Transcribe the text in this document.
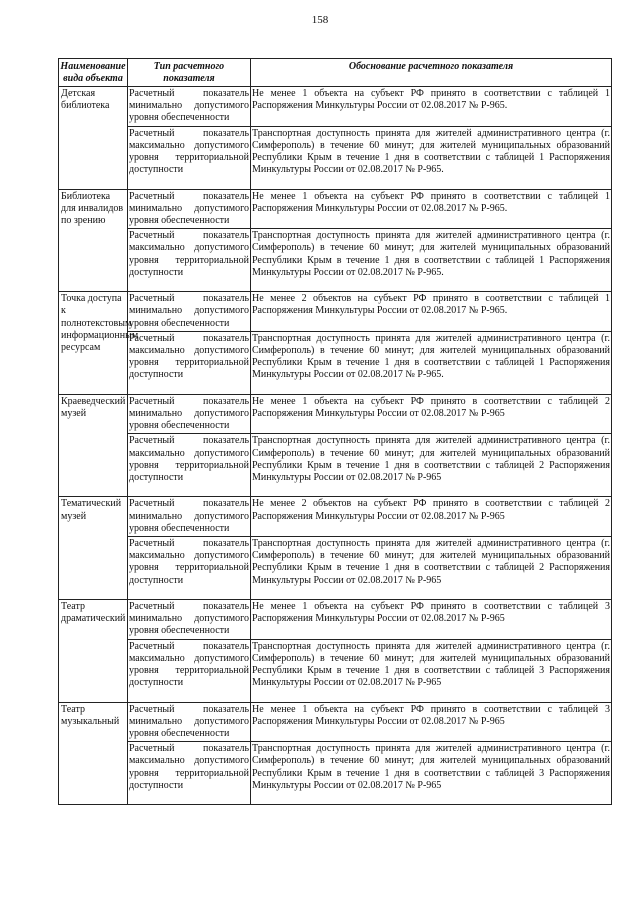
158
Наименование вида объекта	Тип расчетного показателя	Обоснование расчетного показателя
Детская библиотека	Расчетный показатель минимально допустимого уровня обеспеченности	Не менее 1 объекта на субъект РФ принято в соответствии с таблицей 1 Распоряжения Минкультуры России от 02.08.2017 № Р-965.
	Расчетный показатель максимально допустимого уровня территориальной доступности	Транспортная доступность принята для жителей административного центра (г. Симферополь) в течение 60 минут; для жителей муниципальных образований Республики Крым в течение 1 дня в соответствии с таблицей 1 Распоряжения Минкультуры России от 02.08.2017 № Р-965.
Библиотека для инвалидов по зрению	Расчетный показатель минимально допустимого уровня обеспеченности	Не менее 1 объекта на субъект РФ принято в соответствии с таблицей 1 Распоряжения Минкультуры России от 02.08.2017 № Р-965.
	Расчетный показатель максимально допустимого уровня территориальной доступности	Транспортная доступность принята для жителей административного центра (г. Симферополь) в течение 60 минут; для жителей муниципальных образований Республики Крым в течение 1 дня в соответствии с таблицей 1 Распоряжения Минкультуры России от 02.08.2017 № Р-965.
Точка доступа к полнотекстовым информационным ресурсам	Расчетный показатель минимально допустимого уровня обеспеченности	Не менее 2 объектов на субъект РФ принято в соответствии с таблицей 1 Распоряжения Минкультуры России от 02.08.2017 № Р-965.
	Расчетный показатель максимально допустимого уровня территориальной доступности	Транспортная доступность принята для жителей административного центра (г. Симферополь) в течение 60 минут; для жителей муниципальных образований Республики Крым в течение 1 дня в соответствии с таблицей 1 Распоряжения Минкультуры России от 02.08.2017 № Р-965.
Краеведческий музей	Расчетный показатель минимально допустимого уровня обеспеченности	Не менее 1 объекта на субъект РФ принято в соответствии с таблицей 2 Распоряжения Минкультуры России от 02.08.2017 № Р-965
	Расчетный показатель максимально допустимого уровня территориальной доступности	Транспортная доступность принята для жителей административного центра (г. Симферополь) в течение 60 минут; для жителей муниципальных образований Республики Крым в течение 1 дня в соответствии с таблицей 2 Распоряжения Минкультуры России от 02.08.2017 № Р-965
Тематический музей	Расчетный показатель минимально допустимого уровня обеспеченности	Не менее 2 объектов на субъект РФ принято в соответствии с таблицей 2 Распоряжения Минкультуры России от 02.08.2017 № Р-965
	Расчетный показатель максимально допустимого уровня территориальной доступности	Транспортная доступность принята для жителей административного центра (г. Симферополь) в течение 60 минут; для жителей муниципальных образований Республики Крым в течение 1 дня в соответствии с таблицей 2 Распоряжения Минкультуры России от 02.08.2017 № Р-965
Театр драматический	Расчетный показатель минимально допустимого уровня обеспеченности	Не менее 1 объекта на субъект РФ принято в соответствии с таблицей 3 Распоряжения Минкультуры России от 02.08.2017 № Р-965
	Расчетный показатель максимально допустимого уровня территориальной доступности	Транспортная доступность принята для жителей административного центра (г. Симферополь) в течение 60 минут; для жителей муниципальных образований Республики Крым в течение 1 дня в соответствии с таблицей 3 Распоряжения Минкультуры России от 02.08.2017 № Р-965
Театр музыкальный	Расчетный показатель минимально допустимого уровня обеспеченности	Не менее 1 объекта на субъект РФ принято в соответствии с таблицей 3 Распоряжения Минкультуры России от 02.08.2017 № Р-965
	Расчетный показатель максимально допустимого уровня территориальной доступности	Транспортная доступность принята для жителей административного центра (г. Симферополь) в течение 60 минут; для жителей муниципальных образований Республики Крым в течение 1 дня в соответствии с таблицей 3 Распоряжения Минкультуры России от 02.08.2017 № Р-965
